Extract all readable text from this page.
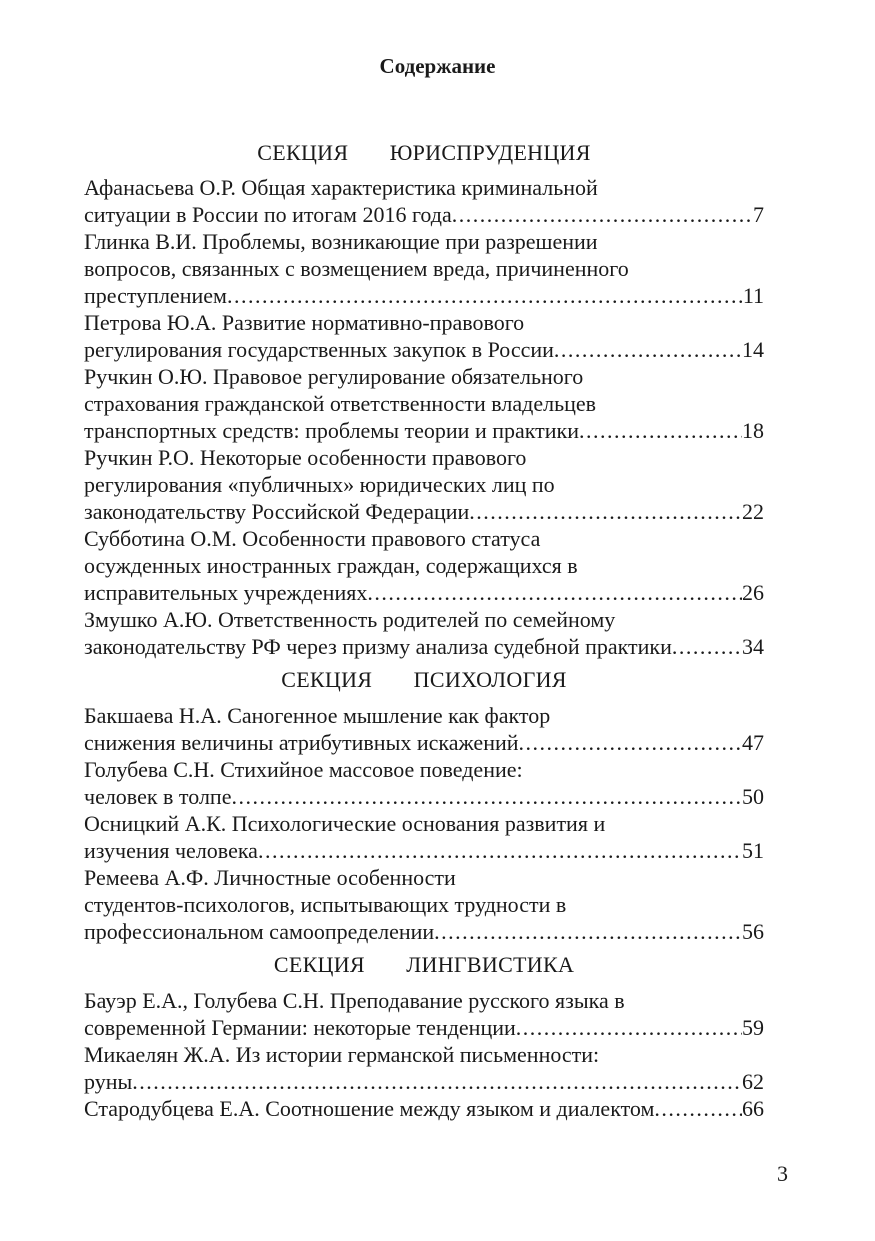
Содержание
СЕКЦИЯ   ЮРИСПРУДЕНЦИЯ
Афанасьева О.Р. Общая характеристика криминальной
ситуации в России по итогам 2016 года .....	7
Глинка В.И. Проблемы, возникающие при разрешении
вопросов, связанных с возмещением вреда, причиненного
преступлением .....	11
Петрова Ю.А. Развитие нормативно-правового
регулирования государственных закупок в России .....	14
Ручкин О.Ю. Правовое регулирование обязательного
страхования гражданской ответственности владельцев
транспортных средств: проблемы теории и практики .....	18
Ручкин Р.О. Некоторые особенности правового
регулирования «публичных» юридических лиц по
законодательству Российской Федерации .....	22
Субботина О.М. Особенности правового статуса
осужденных иностранных граждан, содержащихся в
исправительных учреждениях .....	26
Змушко А.Ю. Ответственность родителей по семейному
законодательству РФ через призму анализа судебной практики .....	34
СЕКЦИЯ   ПСИХОЛОГИЯ
Бакшаева Н.А. Саногенное мышление как фактор
снижения величины атрибутивных искажений .....	47
Голубева С.Н. Стихийное массовое поведение:
человек в толпе .....	50
Осницкий А.К. Психологические основания развития и
изучения человека .....	51
Ремеева А.Ф. Личностные особенности
студентов-психологов, испытывающих трудности в
профессиональном самоопределении .....	56
СЕКЦИЯ   ЛИНГВИСТИКА
Бауэр Е.А., Голубева С.Н. Преподавание русского языка в
современной Германии: некоторые тенденции .....	59
Микаелян Ж.А. Из истории германской письменности:
руны .....	62
Стародубцева Е.А. Соотношение между языком и диалектом .....	66
3
